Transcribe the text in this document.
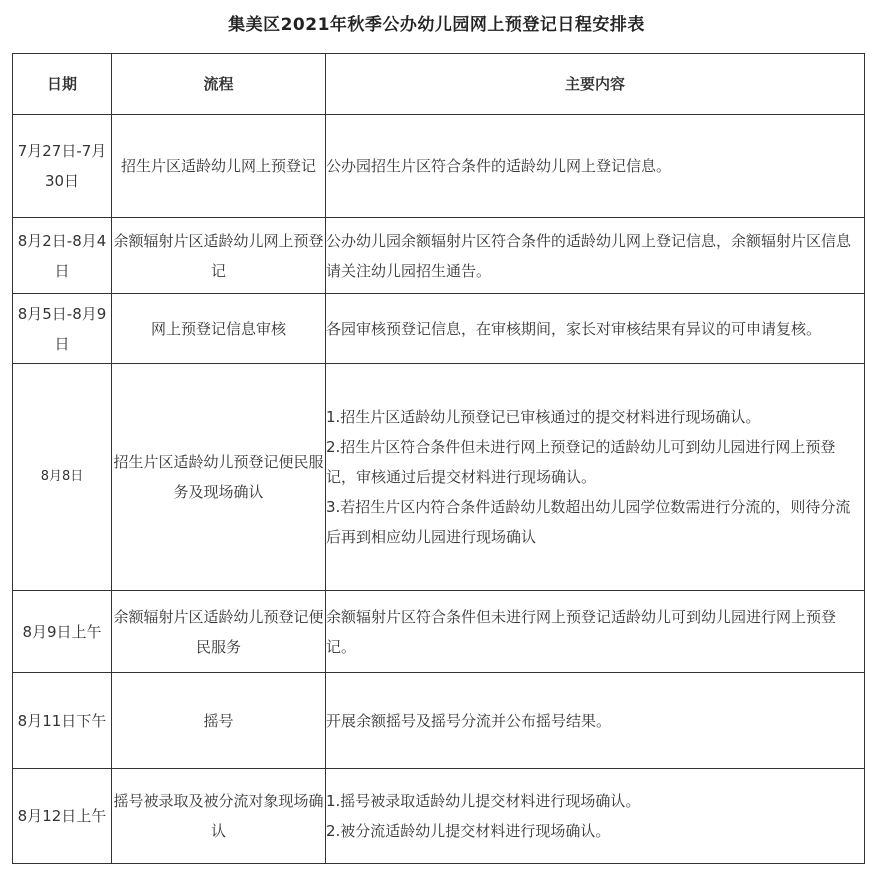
集美区2021年秋季公办幼儿园网上预登记日程安排表
日期	流程	主要内容
7月27日-7月30日	招生片区适龄幼儿网上预登记	公办园招生片区符合条件的适龄幼儿网上登记信息。

8月2日-8月4日	余额辐射片区适龄幼儿网上预登记	公办幼儿园余额辐射片区符合条件的适龄幼儿网上登记信息，余额辐射片区信息请关注幼儿园招生通告。

8月5日-8月9日	网上预登记信息审核	各园审核预登记信息，在审核期间，家长对审核结果有异议的可申请复核。

8月8日	招生片区适龄幼儿预登记便民服务及现场确认	1.招生片区适龄幼儿预登记已审核通过的提交材料进行现场确认。
2.招生片区符合条件但未进行网上预登记的适龄幼儿可到幼儿园进行网上预登记，审核通过后提交材料进行现场确认。
3.若招生片区内符合条件适龄幼儿数超出幼儿园学位数需进行分流的，则待分流后再到相应幼儿园进行现场确认

8月9日上午	余额辐射片区适龄幼儿预登记便民服务	余额辐射片区符合条件但未进行网上预登记适龄幼儿可到幼儿园进行网上预登记。

8月11日下午	摇号	开展余额摇号及摇号分流并公布摇号结果。

8月12日上午	摇号被录取及被分流对象现场确认	1.摇号被录取适龄幼儿提交材料进行现场确认。
2.被分流适龄幼儿提交材料进行现场确认。
